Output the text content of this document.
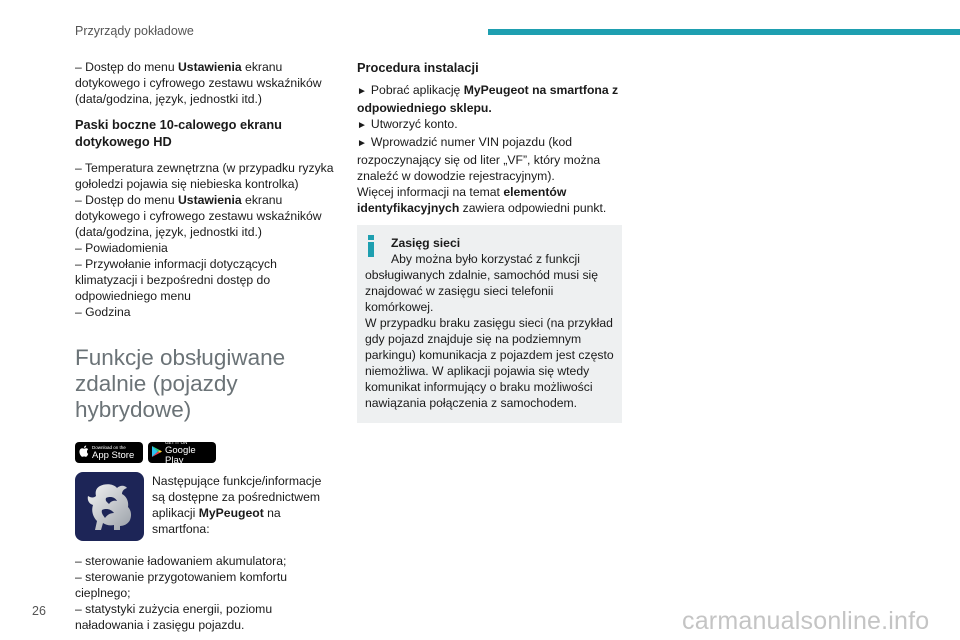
Przyrządy pokładowe

– Dostęp do menu Ustawienia ekranu
dotykowego i cyfrowego zestawu wskaźników
(data/godzina, język, jednostki itd.)

Paski boczne 10-calowego ekranu dotykowego HD

– Temperatura zewnętrzna (w przypadku ryzyka
gołoledzi pojawia się niebieska kontrolka)
– Dostęp do menu Ustawienia ekranu
dotykowego i cyfrowego zestawu wskaźników
(data/godzina, język, jednostki itd.)
– Powiadomienia
– Przywołanie informacji dotyczących
klimatyzacji i bezpośredni dostęp do
odpowiedniego menu
– Godzina

Funkcje obsługiwane zdalnie (pojazdy hybrydowe)

Download on the
App Store
GET IT ON
Google Play

Następujące funkcje/informacje są dostępne za pośrednictwem aplikacji MyPeugeot na smartfona:

– sterowanie ładowaniem akumulatora;
– sterowanie przygotowaniem komfortu
cieplnego;
– statystyki zużycia energii, poziomu
naładowania i zasięgu pojazdu.

Procedura instalacji

► Pobrać aplikację MyPeugeot na smartfona z odpowiedniego sklepu.

► Utworzyć konto.

► Wprowadzić numer VIN pojazdu (kod rozpoczynający się od liter „VF”, który można znaleźć w dowodzie rejestracyjnym).

Więcej informacji na temat elementów identyfikacyjnych zawiera odpowiedni punkt.

Zasięg sieci

Aby można było korzystać z funkcji obsługiwanych zdalnie, samochód musi się znajdować w zasięgu sieci telefonii komórkowej.

W przypadku braku zasięgu sieci (na przykład gdy pojazd znajduje się na podziemnym parkingu) komunikacja z pojazdem jest często niemożliwa. W aplikacji pojawia się wtedy komunikat informujący o braku możliwości nawiązania połączenia z samochodem.

26	carmanualsonline.info
